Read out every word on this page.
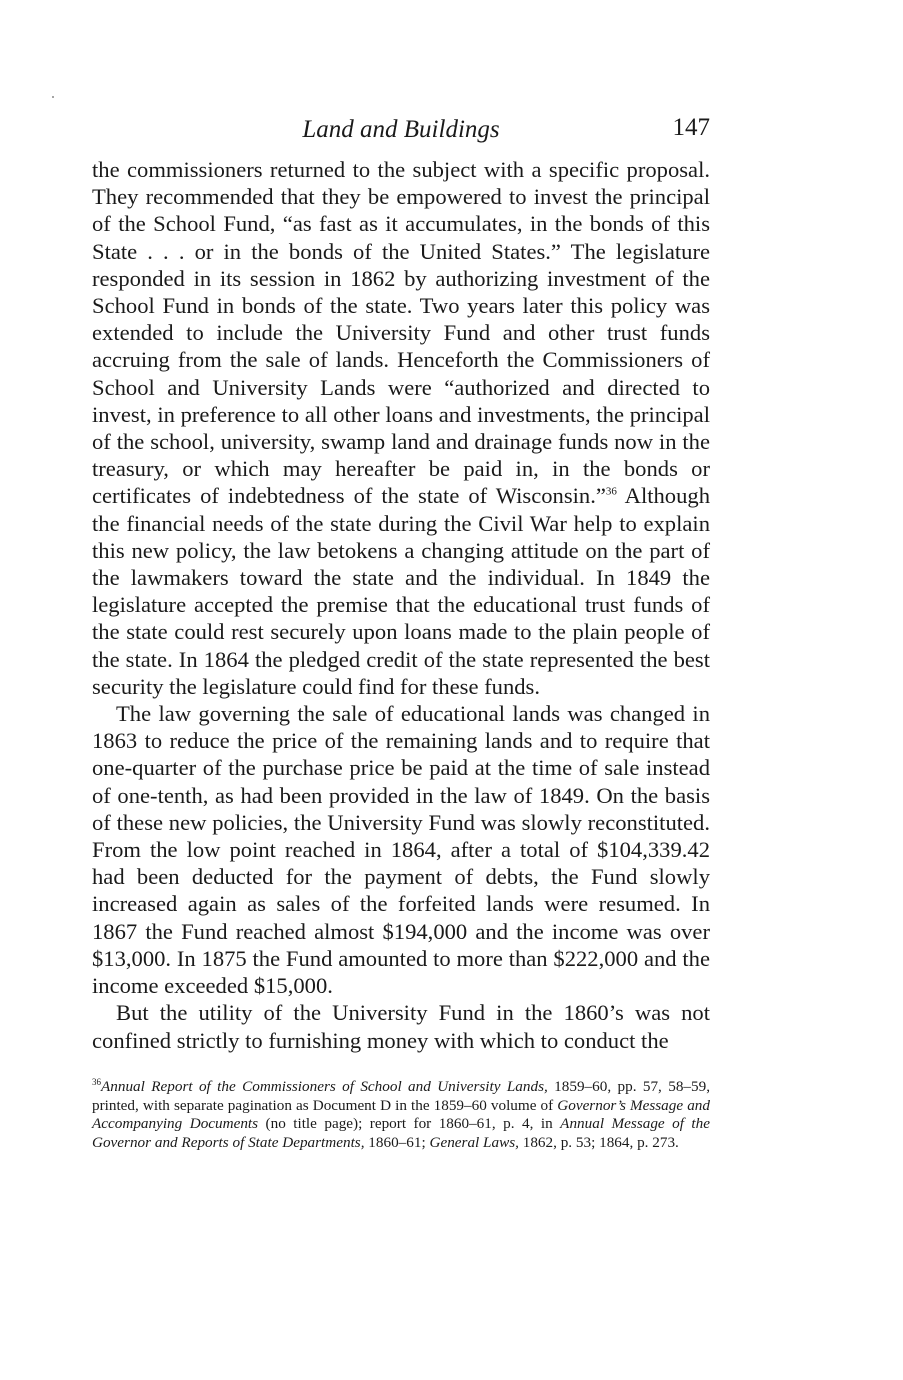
Land and Buildings	147

the commissioners returned to the subject with a specific proposal. They recommended that they be empowered to invest the principal of the School Fund, “as fast as it accumulates, in the bonds of this State . . . or in the bonds of the United States.” The legislature responded in its session in 1862 by authorizing investment of the School Fund in bonds of the state. Two years later this policy was extended to include the University Fund and other trust funds accruing from the sale of lands. Henceforth the Commissioners of School and University Lands were “authorized and directed to invest, in preference to all other loans and investments, the principal of the school, university, swamp land and drainage funds now in the treasury, or which may hereafter be paid in, in the bonds or certificates of indebtedness of the state of Wisconsin.”$^{36}$ Although the financial needs of the state during the Civil War help to explain this new policy, the law betokens a changing attitude on the part of the lawmakers toward the state and the individual. In 1849 the legislature accepted the premise that the educational trust funds of the state could rest securely upon loans made to the plain people of the state. In 1864 the pledged credit of the state represented the best security the legislature could find for these funds.

The law governing the sale of educational lands was changed in 1863 to reduce the price of the remaining lands and to require that one-quarter of the purchase price be paid at the time of sale instead of one-tenth, as had been provided in the law of 1849. On the basis of these new policies, the University Fund was slowly reconstituted. From the low point reached in 1864, after a total of $104,339.42 had been deducted for the payment of debts, the Fund slowly increased again as sales of the forfeited lands were resumed. In 1867 the Fund reached almost $194,000 and the income was over $13,000. In 1875 the Fund amounted to more than $222,000 and the income exceeded $15,000.

But the utility of the University Fund in the 1860’s was not confined strictly to furnishing money with which to conduct the

$^{36}$Annual Report of the Commissioners of School and University Lands, 1859–60, pp. 57, 58–59, printed, with separate pagination as Document D in the 1859–60 volume of Governor’s Message and Accompanying Documents (no title page); report for 1860–61, p. 4, in Annual Message of the Governor and Reports of State Departments, 1860–61; General Laws, 1862, p. 53; 1864, p. 273.
